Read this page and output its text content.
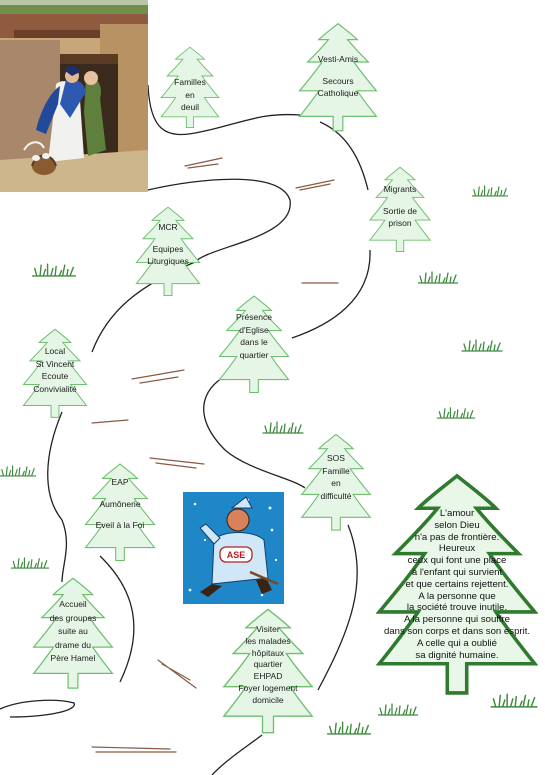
ASE
Familles
en
deuil
Vesti-Amis
Secours
Catholique
Migrants
Sortie de
prison
MCR
Equipes
Liturgiques
Présence
d'Eglise
dans le
quartier
Local
St Vincent
Ecoute
Convivialité
SOS
Famille
en
difficulté
EAP
Aumônerie
Eveil à la Foi
Accueil
des groupes
suite au
drame du
Père Hamel
Visiter
les malades
hôpitaux
quartier
EHPAD
Foyer logement
domicile
L'amour
selon Dieu
n'a pas de frontière.
Heureux
ceux qui font une place
à l'enfant qui survient
et que certains rejettent.
A la personne que
la société trouve inutile.
A la personne qui souffre
dans son corps et dans son esprit.
A celle qui a oublié
sa dignité humaine.
